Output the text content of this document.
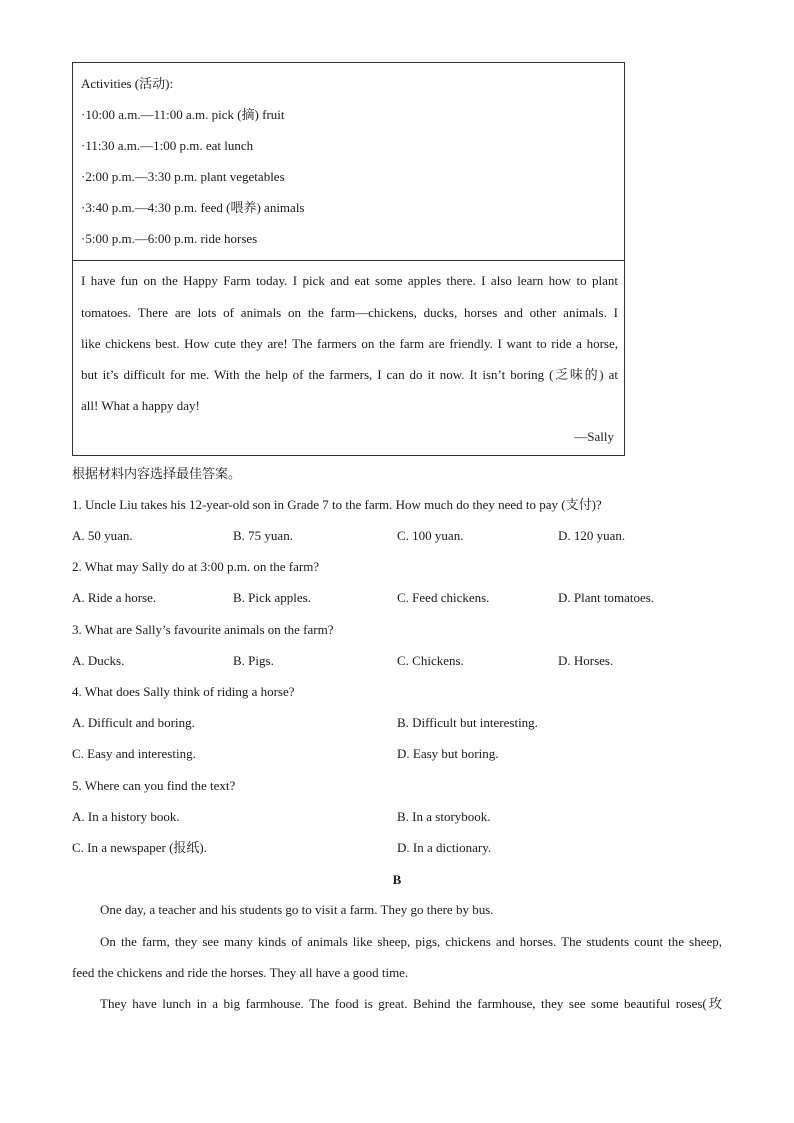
Activities (活动):
·10:00 a.m.—11:00 a.m. pick (摘) fruit
·11:30 a.m.—1:00 p.m. eat lunch
·2:00 p.m.—3:30 p.m. plant vegetables
·3:40 p.m.—4:30 p.m. feed (喂养) animals
·5:00 p.m.—6:00 p.m. ride horses
I have fun on the Happy Farm today. I pick and eat some apples there. I also learn how to plant
tomatoes. There are lots of animals on the farm—chickens, ducks, horses and other animals. I
like chickens best. How cute they are! The farmers on the farm are friendly. I want to ride a horse,
but it’s difficult for me. With the help of the farmers, I can do it now. It isn’t boring (乏味的) at
all! What a happy day!
—Sally
根据材料内容选择最佳答案。
1. Uncle Liu takes his 12-year-old son in Grade 7 to the farm. How much do they need to pay (支付)?
A. 50 yuan.	B. 75 yuan.	C. 100 yuan.	D. 120 yuan.
2. What may Sally do at 3:00 p.m. on the farm?
A. Ride a horse.	B. Pick apples.	C. Feed chickens.	D. Plant tomatoes.
3. What are Sally’s favourite animals on the farm?
A. Ducks.	B. Pigs.	C. Chickens.	D. Horses.
4. What does Sally think of riding a horse?
A. Difficult and boring.	B. Difficult but interesting.
C. Easy and interesting.	D. Easy but boring.
5. Where can you find the text?
A. In a history book.	B. In a storybook.
C. In a newspaper (报纸).	D. In a dictionary.
B
One day, a teacher and his students go to visit a farm. They go there by bus.
On the farm, they see many kinds of animals like sheep, pigs, chickens and horses. The students count the sheep,
feed the chickens and ride the horses. They all have a good time.
They have lunch in a big farmhouse. The food is great. Behind the farmhouse, they see some beautiful roses(玫
